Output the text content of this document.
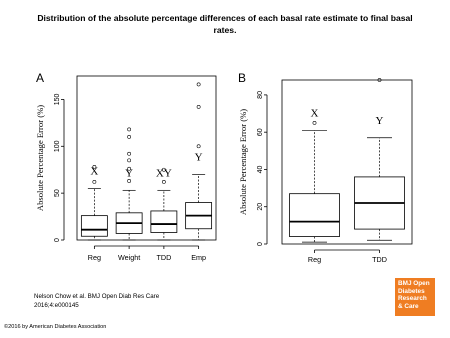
Distribution of the absolute percentage differences of each basal rate estimate to final basal
rates.
A
0
50
100
150
Absolute Percentage Error (%)
Reg
X
Weight
Y
TDD
XY
Emp
Y
B
0
20
40
60
80
Absolute Percentage Error (%)
Reg
X
TDD
Y
Nelson Chow et al. BMJ Open Diab Res Care
2016;4:e000145
©2016 by American Diabetes Association
BMJ Open
Diabetes
Research
& Care
